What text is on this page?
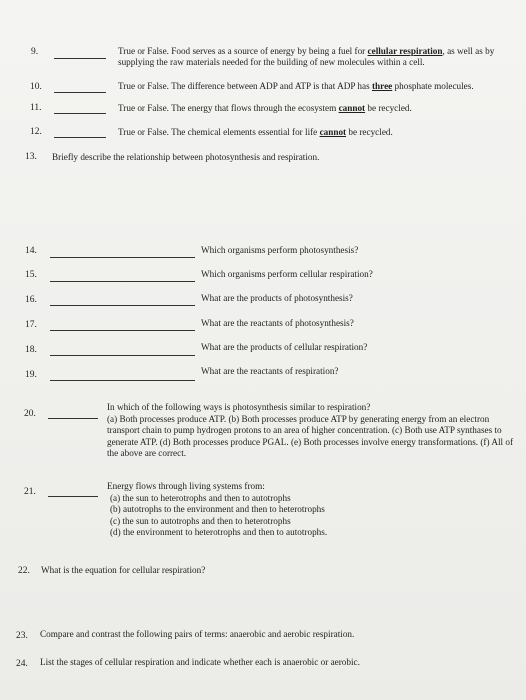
9.	True or False. Food serves as a source of energy by being a fuel for cellular respiration, as well as by supplying the raw materials needed for the building of new molecules within a cell.
10.	True or False. The difference between ADP and ATP is that ADP has three phosphate molecules.
11.	True or False. The energy that flows through the ecosystem cannot be recycled.
12.	True or False. The chemical elements essential for life cannot be recycled.
13. Briefly describe the relationship between photosynthesis and respiration.
14.	Which organisms perform photosynthesis?
15.	Which organisms perform cellular respiration?
16.	What are the products of photosynthesis?
17.	What are the reactants of photosynthesis?
18.	What are the products of cellular respiration?
19.	What are the reactants of respiration?
20.
In which of the following ways is photosynthesis similar to respiration?
(a) Both processes produce ATP. (b) Both processes produce ATP by generating energy from an electron transport chain to pump hydrogen protons to an area of higher concentration. (c) Both use ATP synthases to generate ATP. (d) Both processes produce PGAL. (e) Both processes involve energy transformations. (f) All of the above are correct.
21.
Energy flows through living systems from:
(a) the sun to heterotrophs and then to autotrophs
(b) autotrophs to the environment and then to heterotrophs
(c) the sun to autotrophs and then to heterotrophs
(d) the environment to heterotrophs and then to autotrophs.
22. What is the equation for cellular respiration?
23. Compare and contrast the following pairs of terms: anaerobic and aerobic respiration.
24. List the stages of cellular respiration and indicate whether each is anaerobic or aerobic.
